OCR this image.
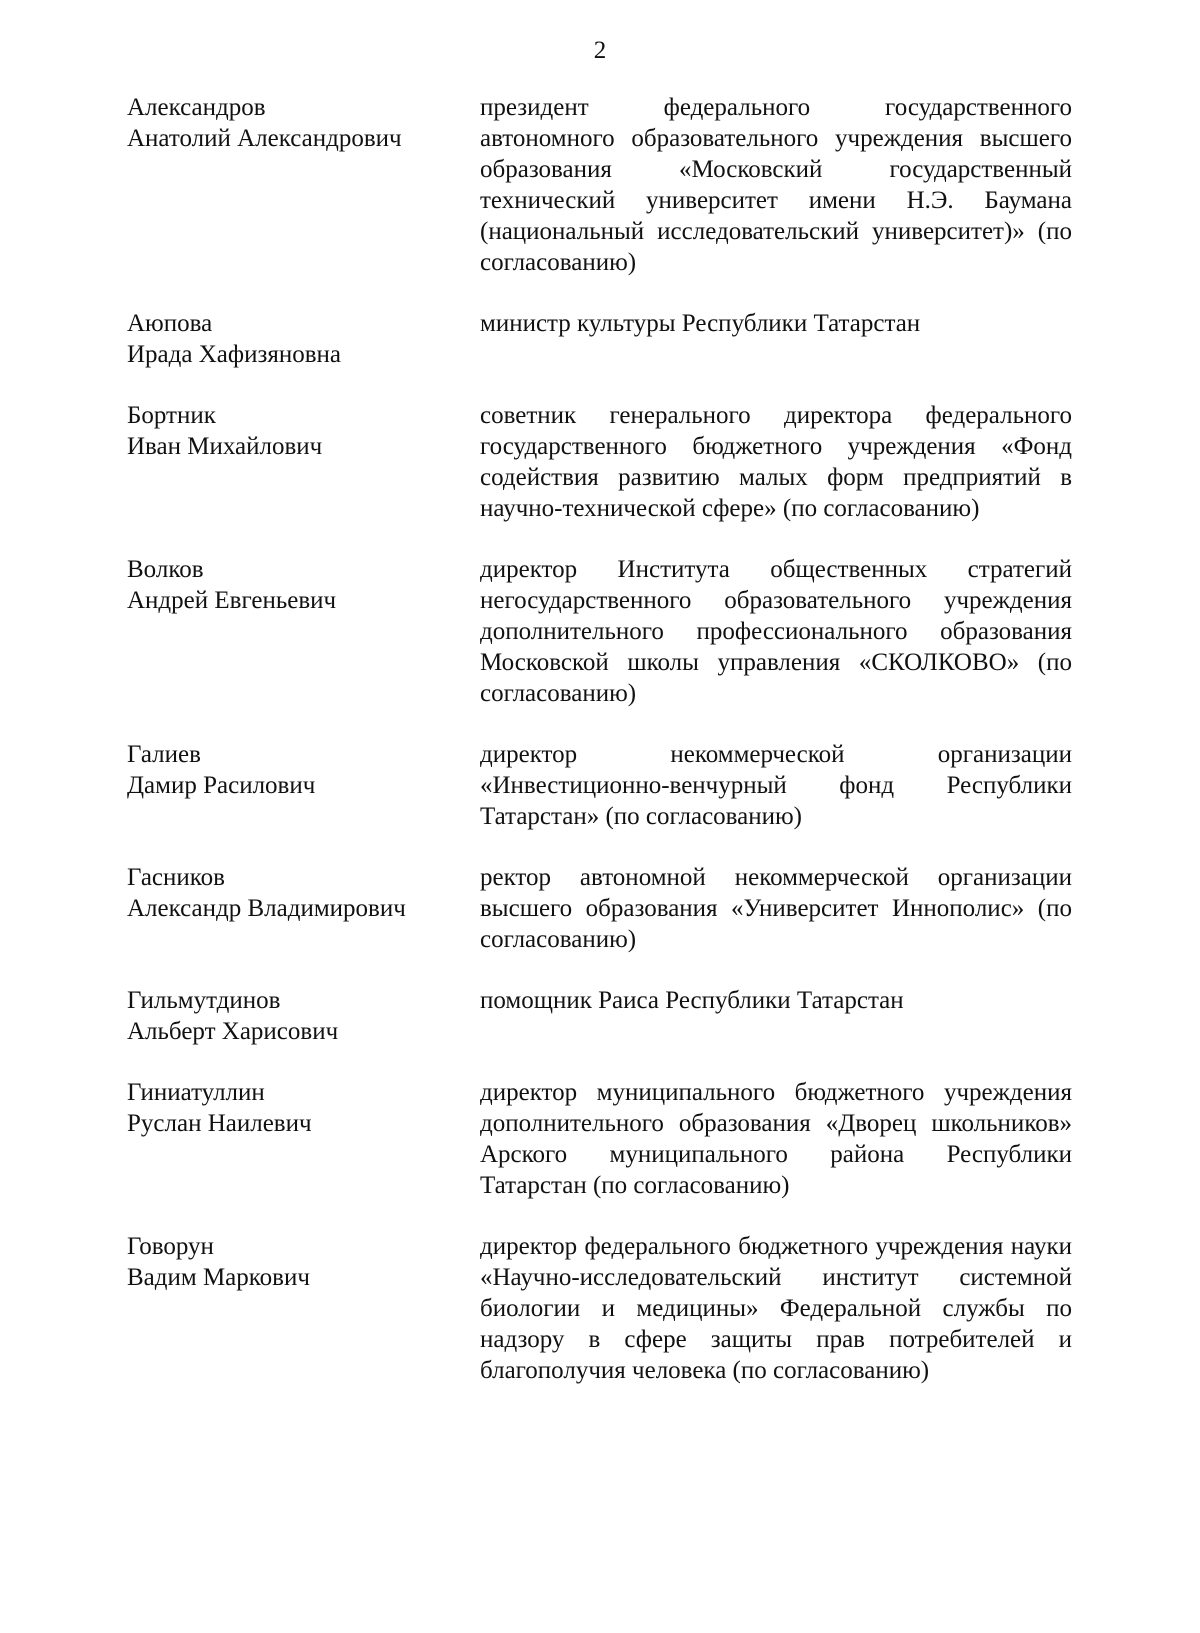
2
Александров
Анатолий Александрович
президент федерального государственного автономного образовательного учреждения высшего образования «Московский государственный технический университет имени Н.Э. Баумана (национальный исследовательский университет)» (по согласованию)
Аюпова
Ирада Хафизяновна
министр культуры Республики Татарстан
Бортник
Иван Михайлович
советник генерального директора федерального государственного бюджетного учреждения «Фонд содействия развитию малых форм предприятий в научно-технической сфере» (по согласованию)
Волков
Андрей Евгеньевич
директор Института общественных стратегий негосударственного образовательного учреждения дополнительного профессионального образования Московской школы управления «СКОЛКОВО» (по согласованию)
Галиев
Дамир Расилович
директор некоммерческой организации «Инвестиционно-венчурный фонд Республики Татарстан» (по согласованию)
Гасников
Александр Владимирович
ректор автономной некоммерческой организации высшего образования «Университет Иннополис» (по согласованию)
Гильмутдинов
Альберт Харисович
помощник Раиса Республики Татарстан
Гиниатуллин
Руслан Наилевич
директор муниципального бюджетного учреждения дополнительного образования «Дворец школьников» Арского муниципального района Республики Татарстан (по согласованию)
Говорун
Вадим Маркович
директор федерального бюджетного учреждения науки «Научно-исследовательский институт системной биологии и медицины» Федеральной службы по надзору в сфере защиты прав потребителей и благополучия человека (по согласованию)
